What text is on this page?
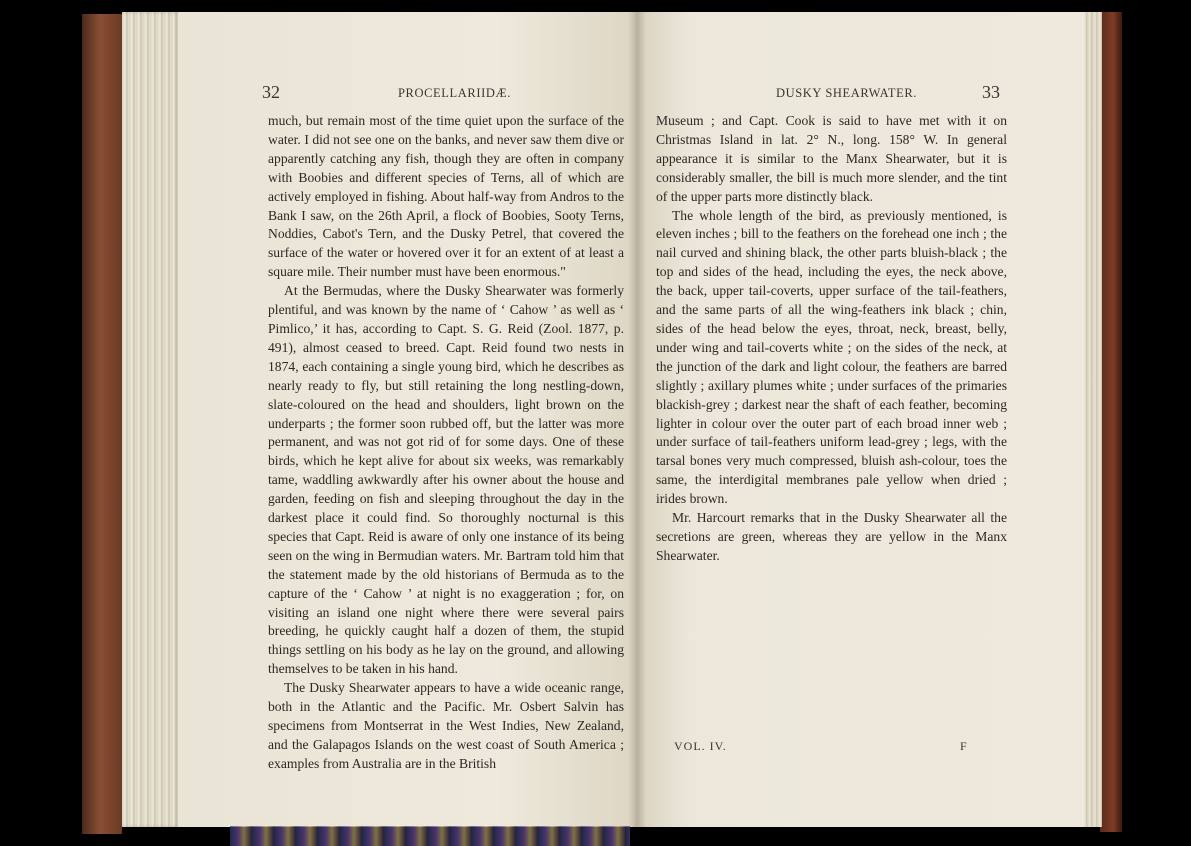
32	PROCELLARIIDÆ.

much, but remain most of the time quiet upon the surface of the water. I did not see one on the banks, and never saw them dive or apparently catching any fish, though they are often in company with Boobies and different species of Terns, all of which are actively employed in fishing. About half-way from Andros to the Bank I saw, on the 26th April, a flock of Boobies, Sooty Terns, Noddies, Cabot's Tern, and the Dusky Petrel, that covered the surface of the water or hovered over it for an extent of at least a square mile. Their number must have been enormous."

At the Bermudas, where the Dusky Shearwater was formerly plentiful, and was known by the name of ‘ Cahow ’ as well as ‘ Pimlico,’ it has, according to Capt. S. G. Reid (Zool. 1877, p. 491), almost ceased to breed. Capt. Reid found two nests in 1874, each containing a single young bird, which he describes as nearly ready to fly, but still retaining the long nestling-down, slate-coloured on the head and shoulders, light brown on the underparts ; the former soon rubbed off, but the latter was more permanent, and was not got rid of for some days. One of these birds, which he kept alive for about six weeks, was remarkably tame, waddling awkwardly after his owner about the house and garden, feeding on fish and sleeping throughout the day in the darkest place it could find. So thoroughly nocturnal is this species that Capt. Reid is aware of only one instance of its being seen on the wing in Bermudian waters. Mr. Bartram told him that the statement made by the old historians of Bermuda as to the capture of the ‘ Cahow ’ at night is no exaggeration ; for, on visiting an island one night where there were several pairs breeding, he quickly caught half a dozen of them, the stupid things settling on his body as he lay on the ground, and allowing themselves to be taken in his hand.

The Dusky Shearwater appears to have a wide oceanic range, both in the Atlantic and the Pacific. Mr. Osbert Salvin has specimens from Montserrat in the West Indies, New Zealand, and the Galapagos Islands on the west coast of South America ; examples from Australia are in the British

DUSKY SHEARWATER.	33

Museum ; and Capt. Cook is said to have met with it on Christmas Island in lat. 2° N., long. 158° W. In general appearance it is similar to the Manx Shearwater, but it is considerably smaller, the bill is much more slender, and the tint of the upper parts more distinctly black.

The whole length of the bird, as previously mentioned, is eleven inches ; bill to the feathers on the forehead one inch ; the nail curved and shining black, the other parts bluish-black ; the top and sides of the head, including the eyes, the neck above, the back, upper tail-coverts, upper surface of the tail-feathers, and the same parts of all the wing-feathers ink black ; chin, sides of the head below the eyes, throat, neck, breast, belly, under wing and tail-coverts white ; on the sides of the neck, at the junction of the dark and light colour, the feathers are barred slightly ; axillary plumes white ; under surfaces of the primaries blackish-grey ; darkest near the shaft of each feather, becoming lighter in colour over the outer part of each broad inner web ; under surface of tail-feathers uniform lead-grey ; legs, with the tarsal bones very much compressed, bluish ash-colour, toes the same, the interdigital membranes pale yellow when dried ; irides brown.

Mr. Harcourt remarks that in the Dusky Shearwater all the secretions are green, whereas they are yellow in the Manx Shearwater.

VOL. IV.	F
